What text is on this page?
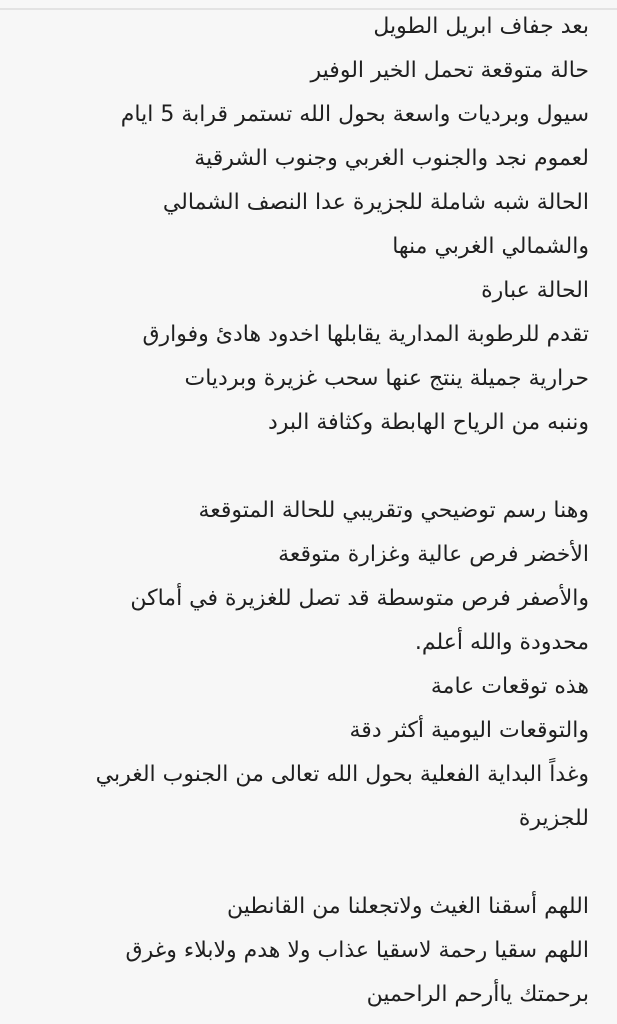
بعد جفاف ابريل الطويل
حالة متوقعة تحمل الخير الوفير
سيول وبرديات واسعة بحول الله تستمر قرابة 5 ايام
لعموم نجد والجنوب الغربي وجنوب الشرقية
الحالة شبه شاملة للجزيرة عدا النصف الشمالي
والشمالي الغربي منها
الحالة عبارة
تقدم للرطوبة المدارية يقابلها اخدود هادئ وفوارق
حرارية جميلة ينتج عنها سحب غزيرة وبرديات
وننبه من الرياح الهابطة وكثافة البرد
وهنا رسم توضيحي وتقريبي للحالة المتوقعة
الأخضر فرص عالية وغزارة متوقعة
والأصفر فرص متوسطة قد تصل للغزيرة في أماكن
محدودة والله أعلم.
هذه توقعات عامة
والتوقعات اليومية أكثر دقة
وغداً البداية الفعلية بحول الله تعالى من الجنوب الغربي
للجزيرة
اللهم أسقنا الغيث ولاتجعلنا من القانطين
اللهم سقيا رحمة لاسقيا عذاب ولا هدم ولابلاء وغرق
برحمتك ياأرحم الراحمين
